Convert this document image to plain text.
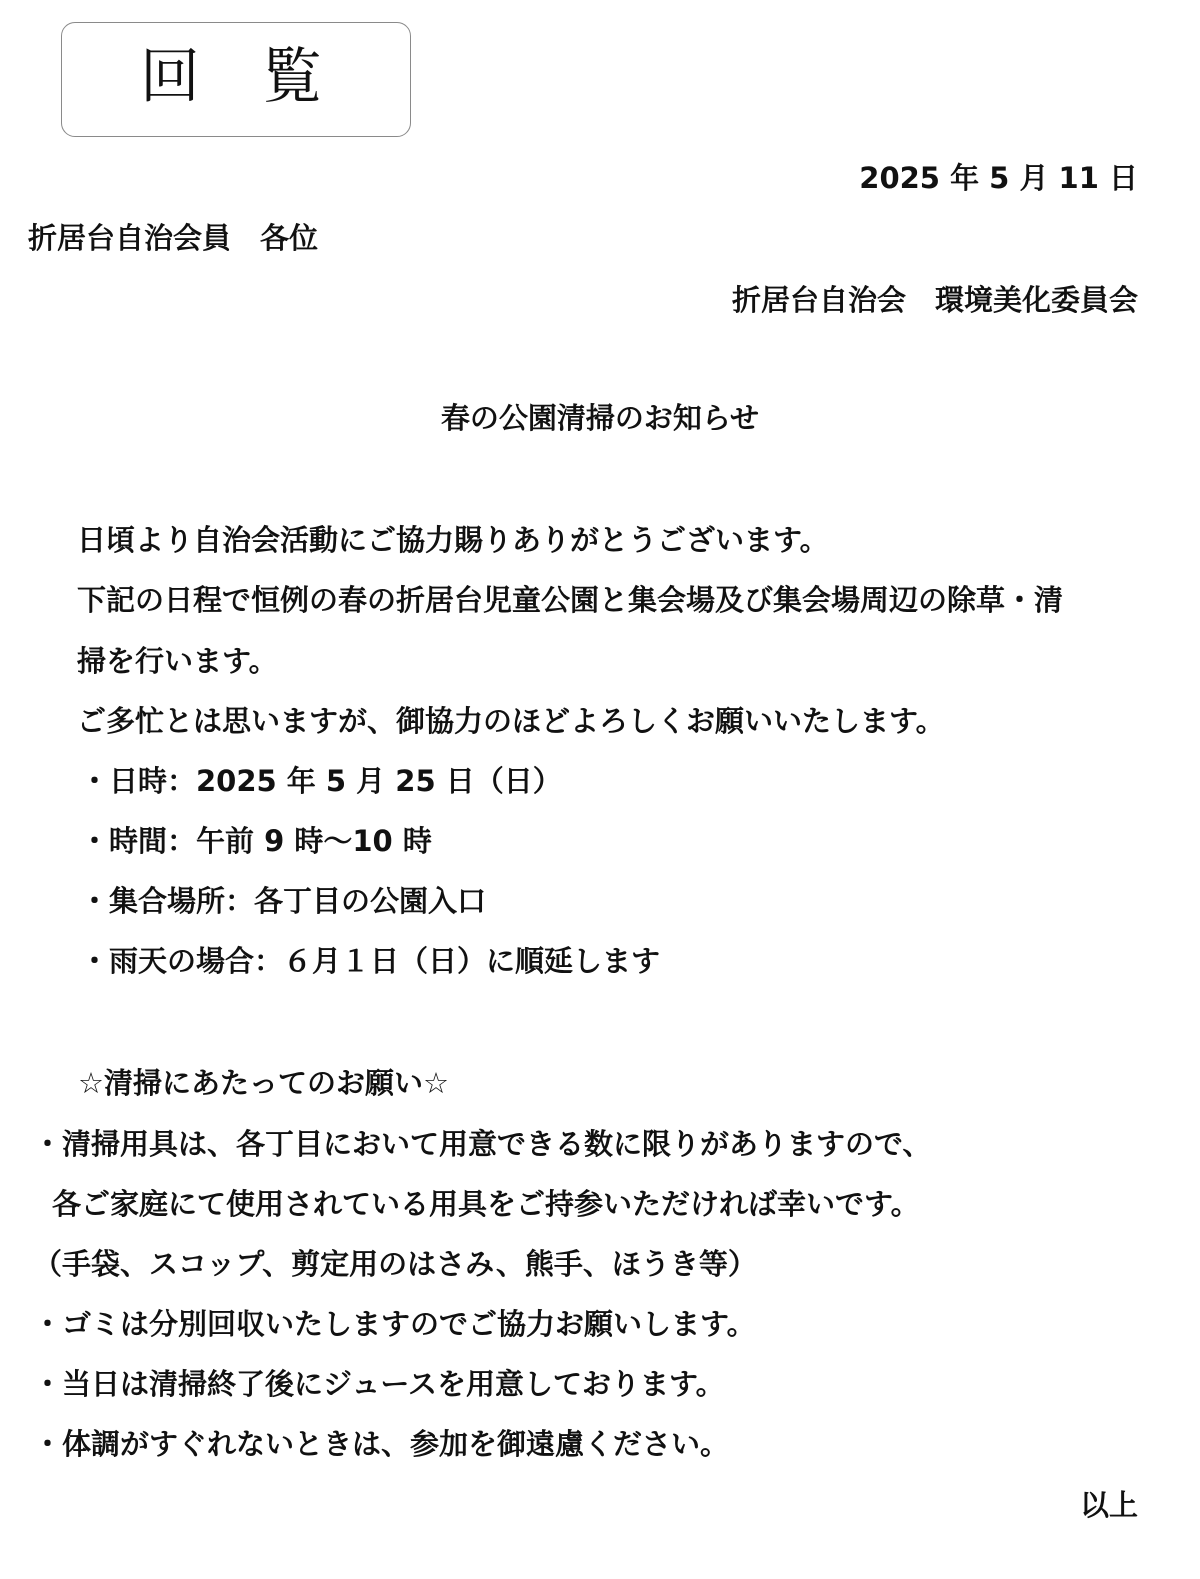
回覧
2025 年 5 月 11 日
折居台自治会員　各位
折居台自治会　環境美化委員会
春の公園清掃のお知らせ
日頃より自治会活動にご協力賜りありがとうございます。
下記の日程で恒例の春の折居台児童公園と集会場及び集会場周辺の除草・清
掃を行います。
ご多忙とは思いますが、御協力のほどよろしくお願いいたします。
・日時：2025 年 5 月 25 日（日）
・時間：午前 9 時～10 時
・集合場所：各丁目の公園入口
・雨天の場合：６月１日（日）に順延します
☆清掃にあたってのお願い☆
・清掃用具は、各丁目において用意できる数に限りがありますので、
各ご家庭にて使用されている用具をご持参いただければ幸いです。
（手袋、スコップ、剪定用のはさみ、熊手、ほうき等）
・ゴミは分別回収いたしますのでご協力お願いします。
・当日は清掃終了後にジュースを用意しております。
・体調がすぐれないときは、参加を御遠慮ください。
以上
